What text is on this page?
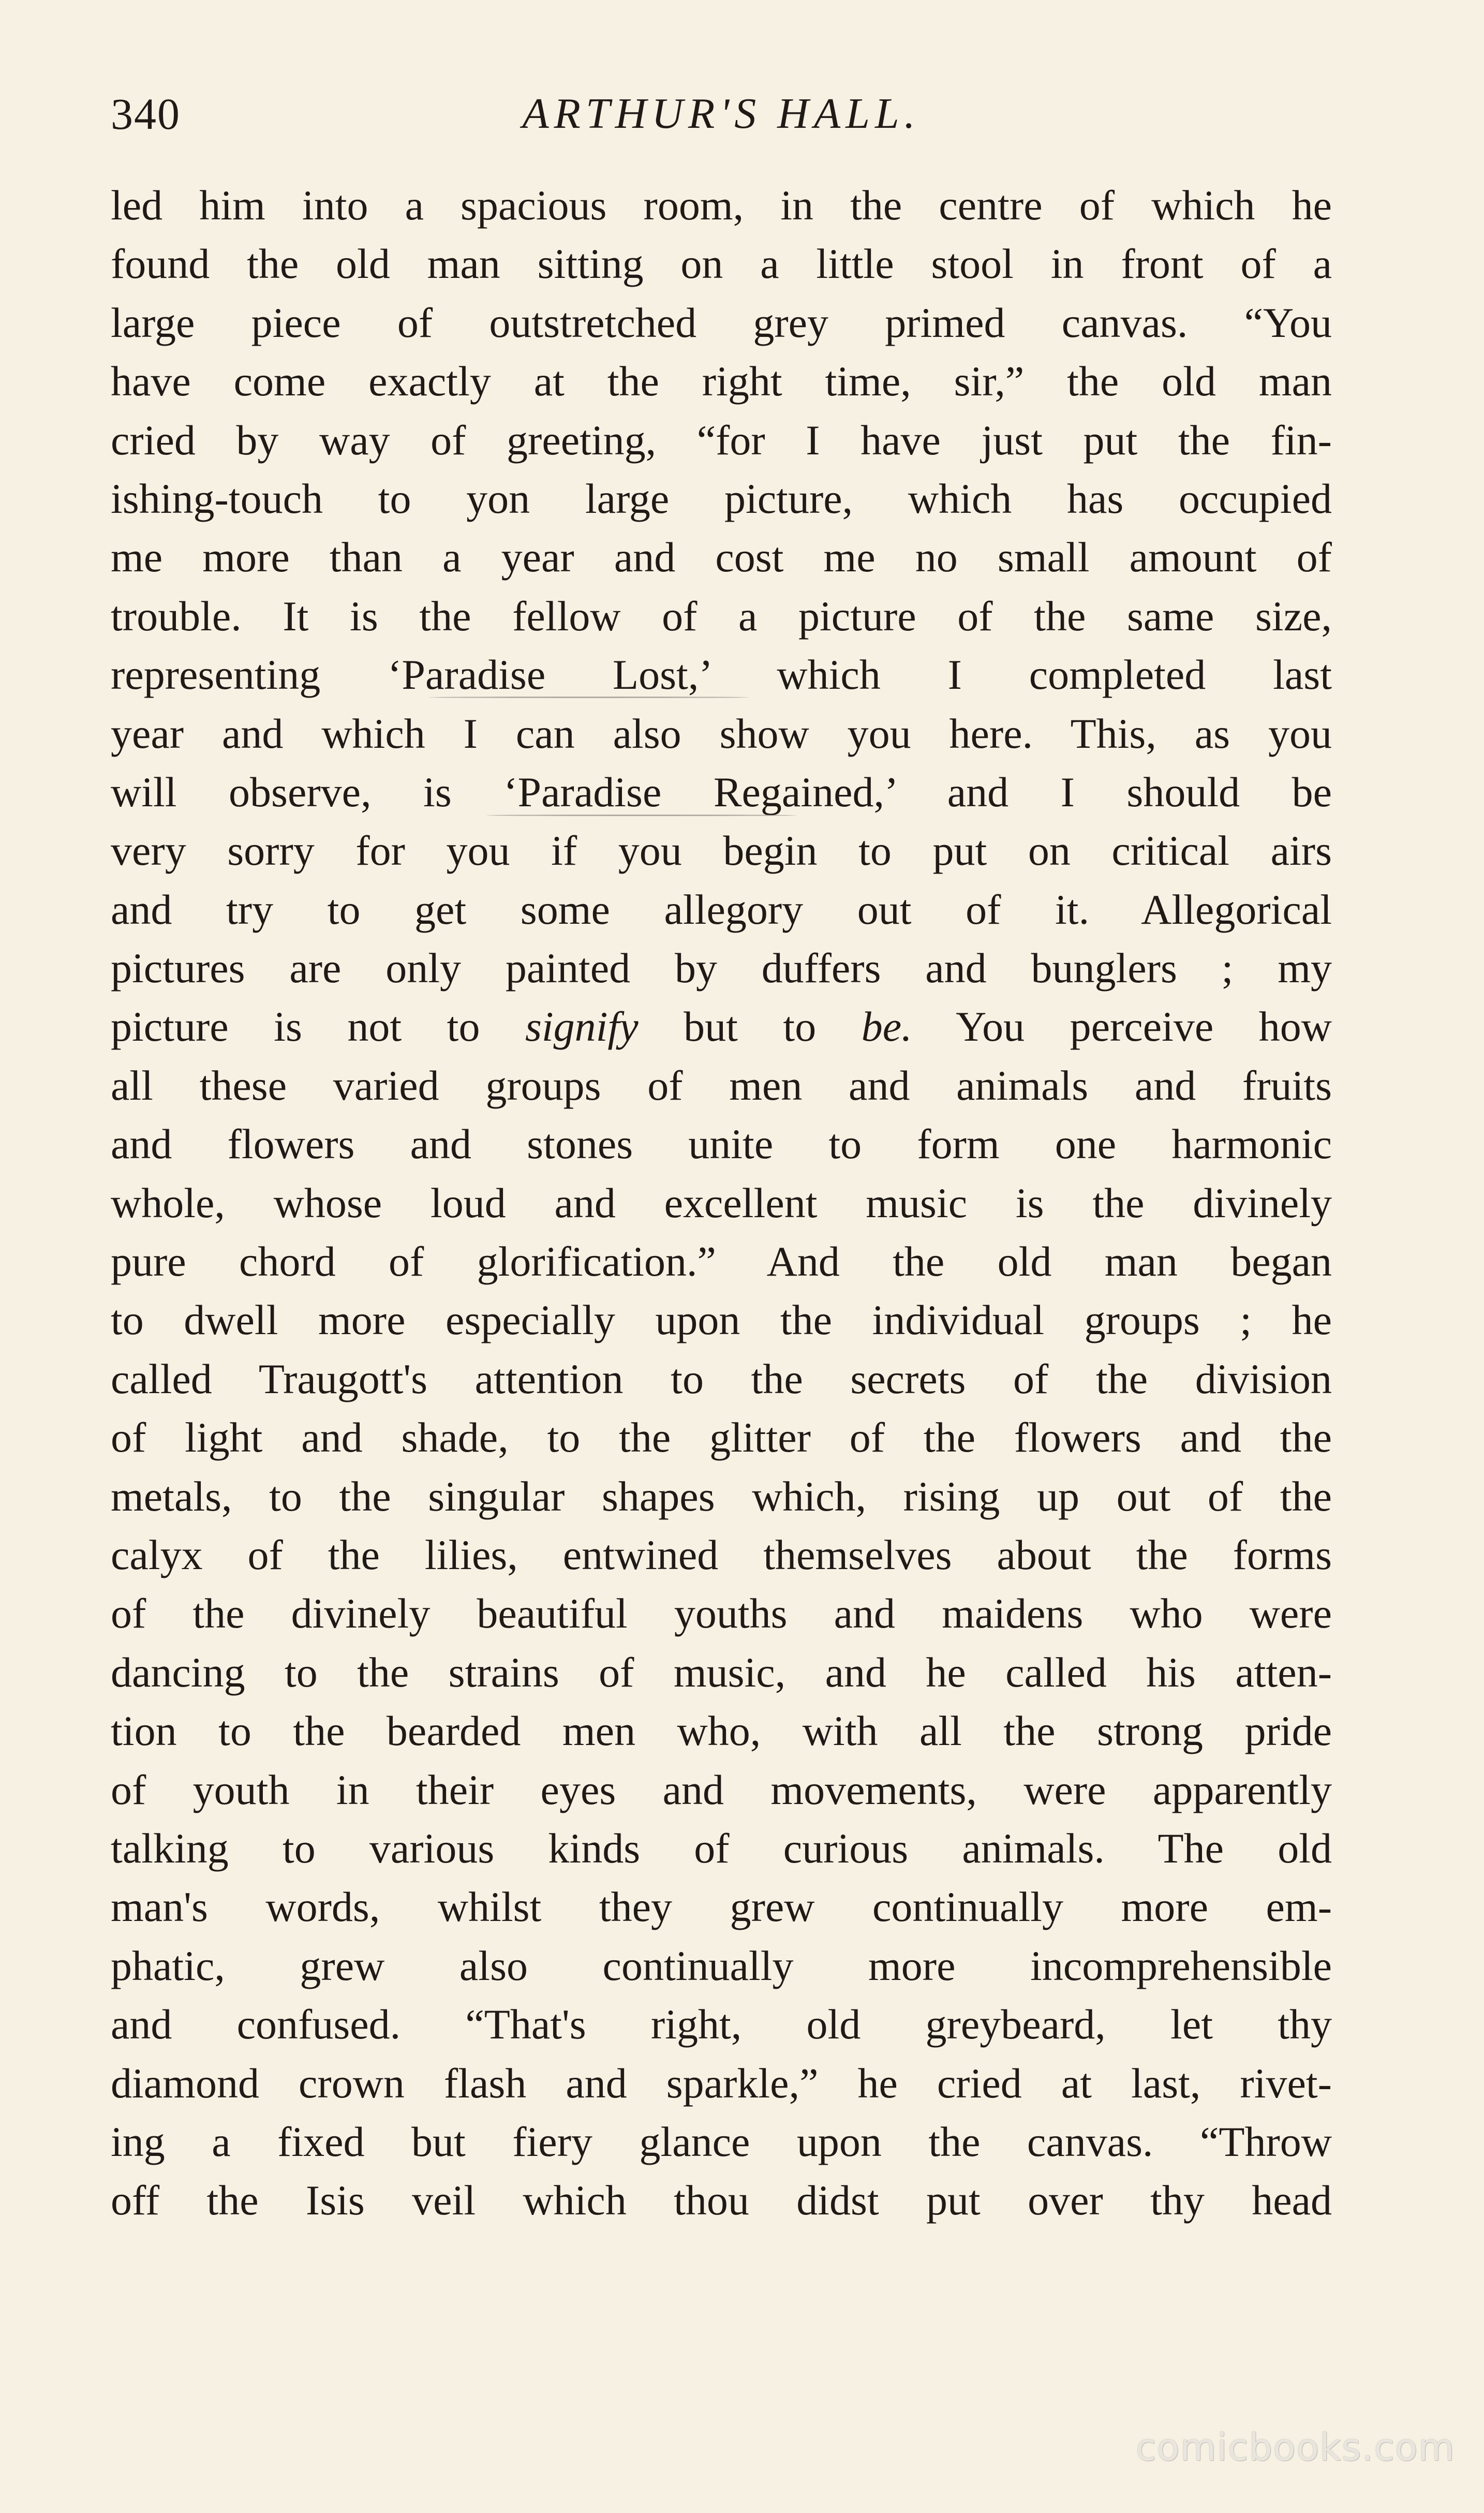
340	ARTHUR'S HALL.
led him into a spacious room, in the centre of which he
found the old man sitting on a little stool in front of a
large piece of outstretched grey primed canvas. “You
have come exactly at the right time, sir,” the old man
cried by way of greeting, “for I have just put the fin-
ishing-touch to yon large picture, which has occupied
me more than a year and cost me no small amount of
trouble. It is the fellow of a picture of the same size,
representing ‘Paradise Lost,’ which I completed last
year and which I can also show you here. This, as you
will observe, is ‘Paradise Regained,’ and I should be
very sorry for you if you begin to put on critical airs
and try to get some allegory out of it. Allegorical
pictures are only painted by duffers and bunglers ; my
picture is not to signify but to be. You perceive how
all these varied groups of men and animals and fruits
and flowers and stones unite to form one harmonic
whole, whose loud and excellent music is the divinely
pure chord of glorification.” And the old man began
to dwell more especially upon the individual groups ; he
called Traugott's attention to the secrets of the division
of light and shade, to the glitter of the flowers and the
metals, to the singular shapes which, rising up out of the
calyx of the lilies, entwined themselves about the forms
of the divinely beautiful youths and maidens who were
dancing to the strains of music, and he called his atten-
tion to the bearded men who, with all the strong pride
of youth in their eyes and movements, were apparently
talking to various kinds of curious animals. The old
man's words, whilst they grew continually more em-
phatic, grew also continually more incomprehensible
and confused. “That's right, old greybeard, let thy
diamond crown flash and sparkle,” he cried at last, rivet-
ing a fixed but fiery glance upon the canvas. “Throw
off the Isis veil which thou didst put over thy head
comicbooks.com
